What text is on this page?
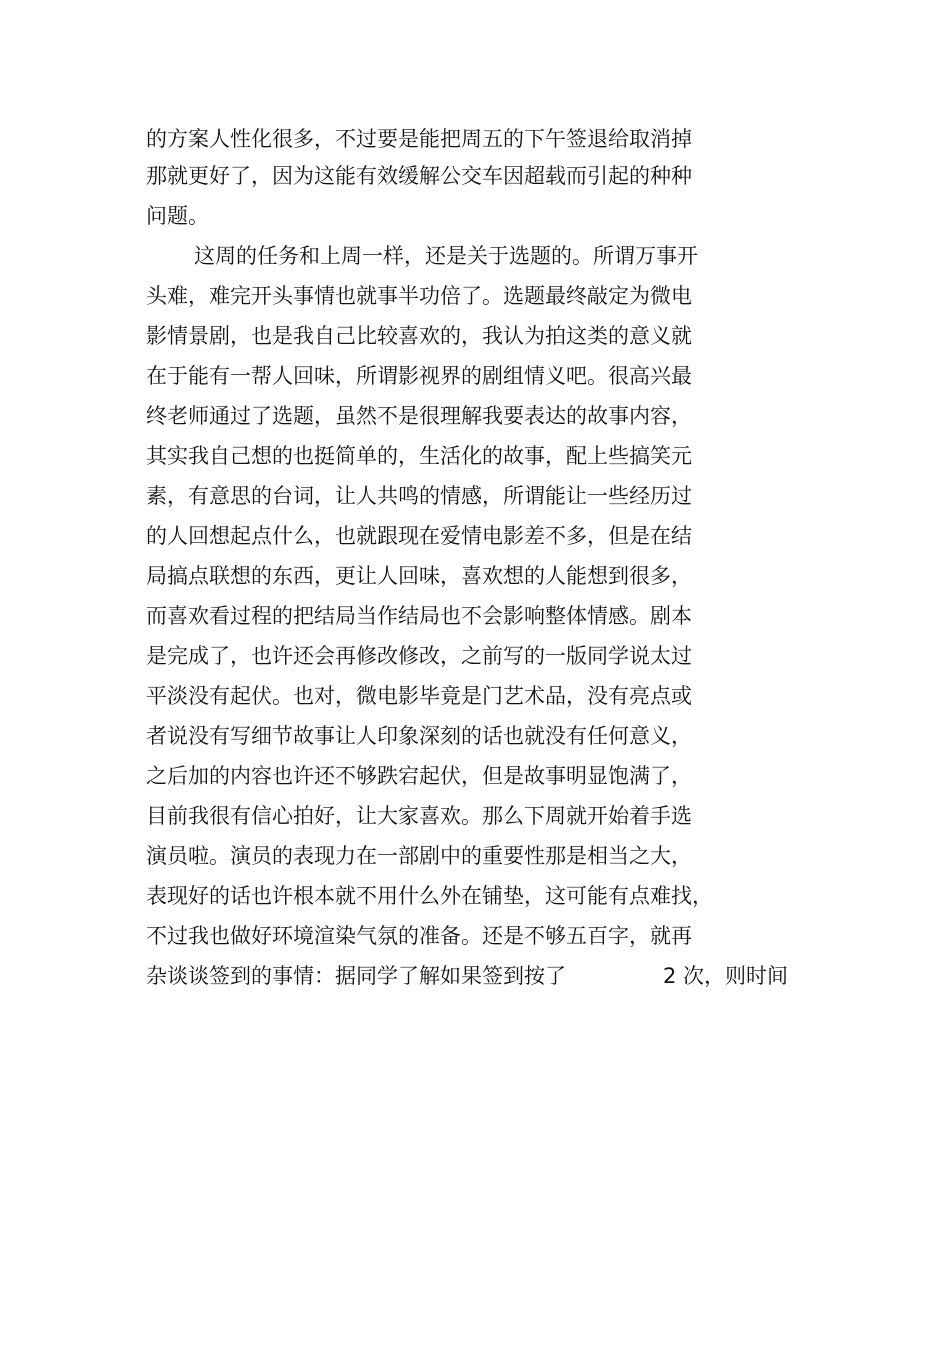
的方案人性化很多，不过要是能把周五的下午签退给取消掉

那就更好了，因为这能有效缓解公交车因超载而引起的种种

问题。

这周的任务和上周一样，还是关于选题的。所谓万事开

头难，难完开头事情也就事半功倍了。选题最终敲定为微电

影情景剧，也是我自己比较喜欢的，我认为拍这类的意义就

在于能有一帮人回味，所谓影视界的剧组情义吧。很高兴最

终老师通过了选题，虽然不是很理解我要表达的故事内容，

其实我自己想的也挺简单的，生活化的故事，配上些搞笑元

素，有意思的台词，让人共鸣的情感，所谓能让一些经历过

的人回想起点什么，也就跟现在爱情电影差不多，但是在结

局搞点联想的东西，更让人回味，喜欢想的人能想到很多，

而喜欢看过程的把结局当作结局也不会影响整体情感。剧本

是完成了，也许还会再修改修改，之前写的一版同学说太过

平淡没有起伏。也对，微电影毕竟是门艺术品，没有亮点或

者说没有写细节故事让人印象深刻的话也就没有任何意义，

之后加的内容也许还不够跌宕起伏，但是故事明显饱满了，

目前我很有信心拍好，让大家喜欢。那么下周就开始着手选

演员啦。演员的表现力在一部剧中的重要性那是相当之大，

表现好的话也许根本就不用什么外在铺垫，这可能有点难找，

不过我也做好环境渲染气氛的准备。还是不够五百字，就再

杂谈谈签到的事情：据同学了解如果签到按了	2 次，则时间
